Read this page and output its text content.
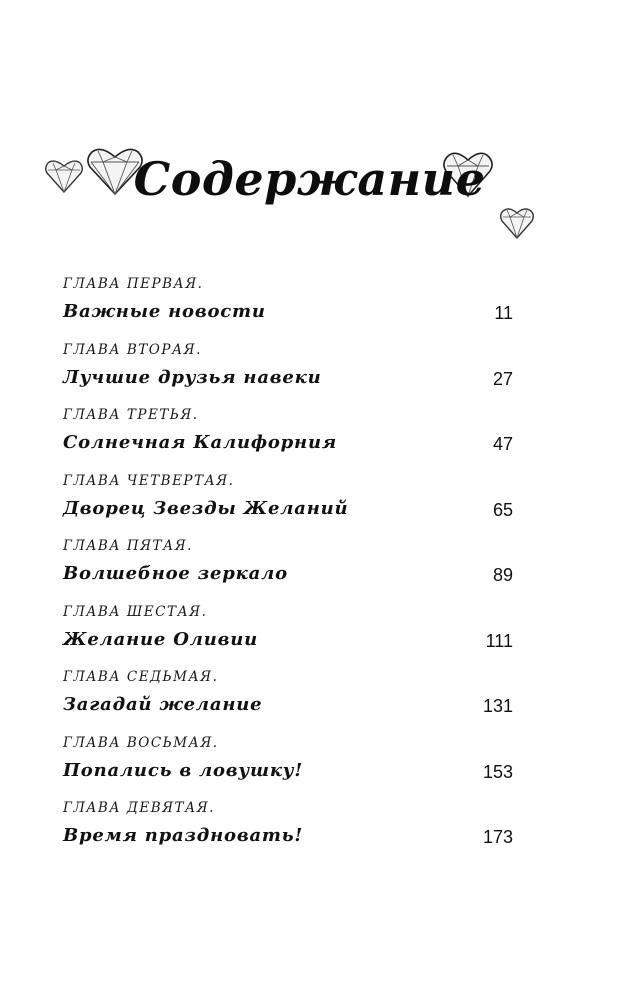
Содержание
ГЛАВА ПЕРВАЯ.
Важные новости	11
ГЛАВА ВТОРАЯ.
Лучшие друзья навеки	27
ГЛАВА ТРЕТЬЯ.
Солнечная Калифорния	47
ГЛАВА ЧЕТВЕРТАЯ.
Дворец Звезды Желаний	65
ГЛАВА ПЯТАЯ.
Волшебное зеркало	89
ГЛАВА ШЕСТАЯ.
Желание Оливии	111
ГЛАВА СЕДЬМАЯ.
Загадай желание	131
ГЛАВА ВОСЬМАЯ.
Попались в ловушку!	153
ГЛАВА ДЕВЯТАЯ.
Время праздновать!	173
